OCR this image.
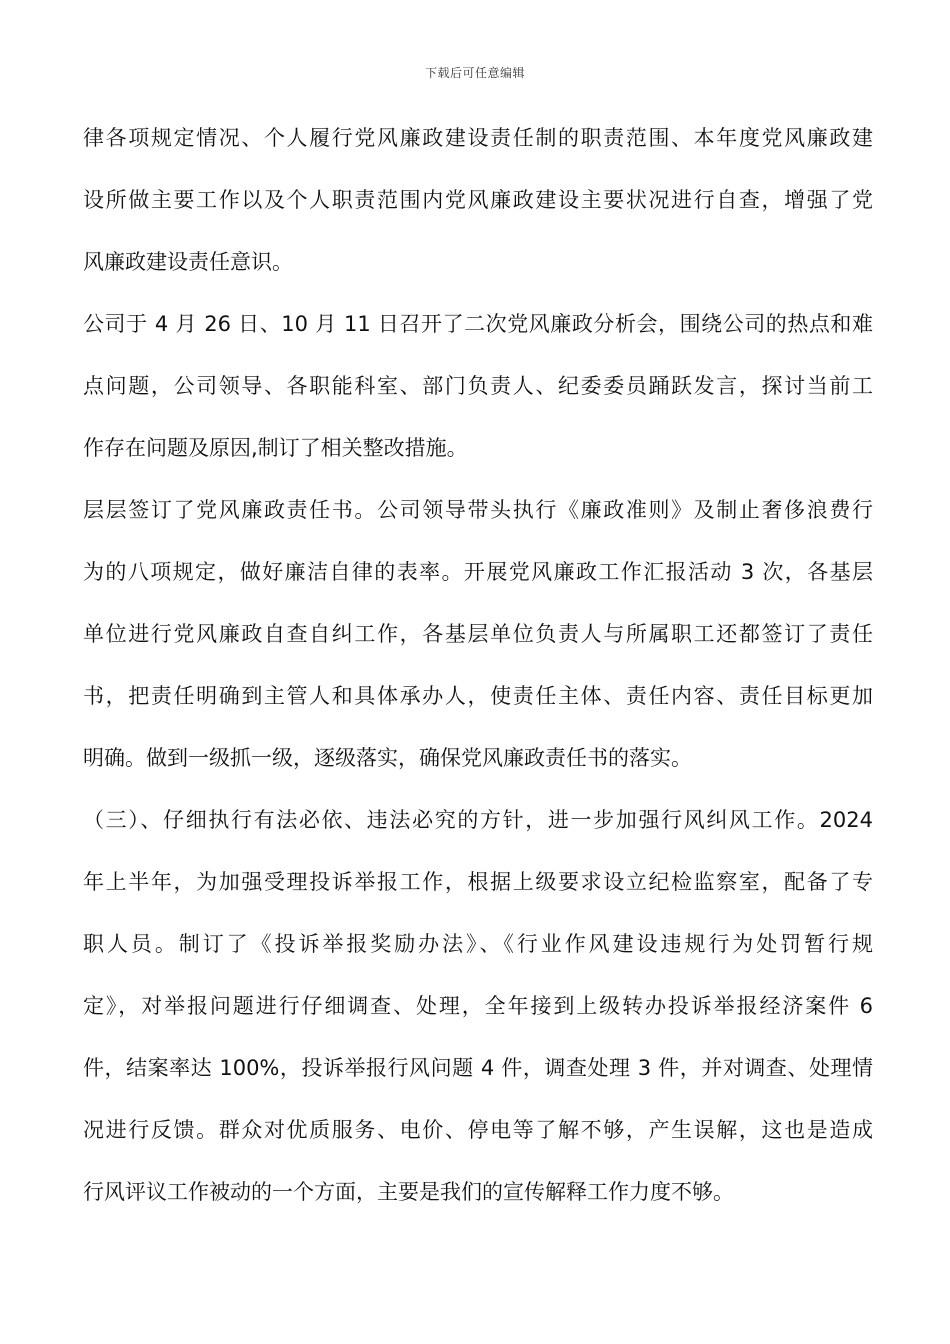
下载后可任意编辑
律各项规定情况、个人履行党风廉政建设责任制的职责范围、本年度党风廉政建
设所做主要工作以及个人职责范围内党风廉政建设主要状况进行自查，增强了党
风廉政建设责任意识。
公司于 4 月 26 日、10 月 11 日召开了二次党风廉政分析会，围绕公司的热点和难
点问题，公司领导、各职能科室、部门负责人、纪委委员踊跃发言，探讨当前工
作存在问题及原因,制订了相关整改措施。
层层签订了党风廉政责任书。公司领导带头执行《廉政准则》及制止奢侈浪费行
为的八项规定，做好廉洁自律的表率。开展党风廉政工作汇报活动 3 次，各基层
单位进行党风廉政自查自纠工作，各基层单位负责人与所属职工还都签订了责任
书，把责任明确到主管人和具体承办人，使责任主体、责任内容、责任目标更加
明确。做到一级抓一级，逐级落实，确保党风廉政责任书的落实。
（三）、仔细执行有法必依、违法必究的方针，进一步加强行风纠风工作。2024
年上半年，为加强受理投诉举报工作，根据上级要求设立纪检监察室，配备了专
职人员。制订了《投诉举报奖励办法》、《行业作风建设违规行为处罚暂行规
定》，对举报问题进行仔细调查、处理，全年接到上级转办投诉举报经济案件 6
件，结案率达 100%，投诉举报行风问题 4 件，调查处理 3 件，并对调查、处理情
况进行反馈。群众对优质服务、电价、停电等了解不够，产生误解，这也是造成
行风评议工作被动的一个方面，主要是我们的宣传解释工作力度不够。
